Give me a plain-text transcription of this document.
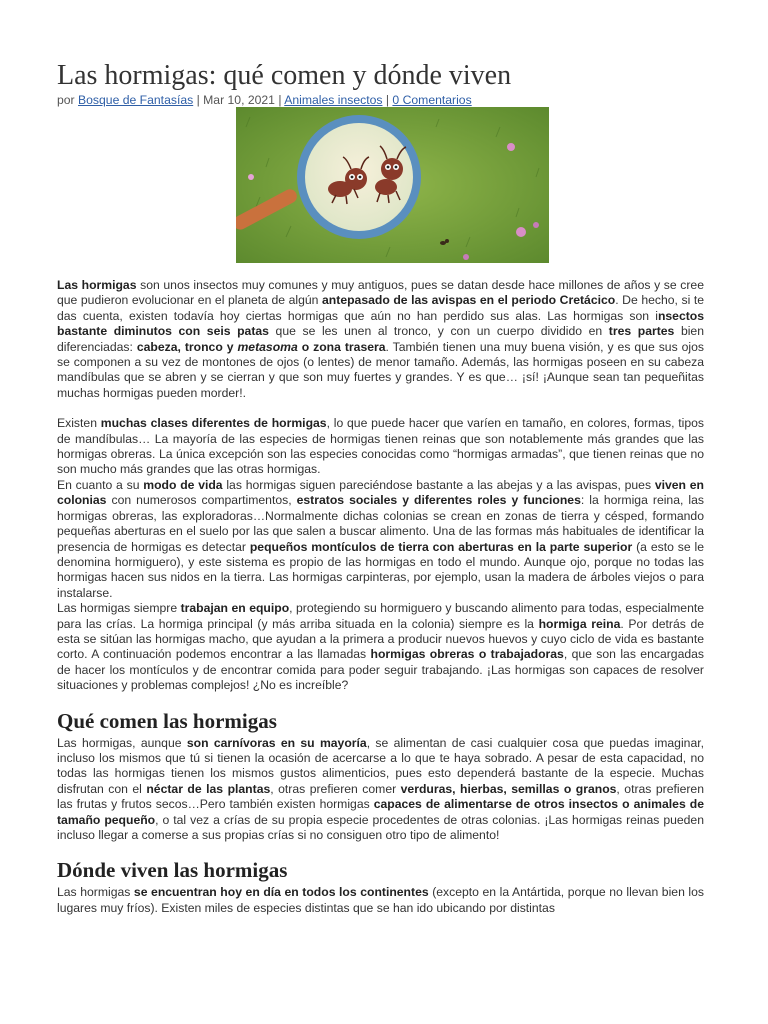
Las hormigas: qué comen y dónde viven
por Bosque de Fantasías | Mar 10, 2021 | Animales insectos | 0 Comentarios

Las hormigas son unos insectos muy comunes y muy antiguos, pues se datan desde hace millones de años y se cree que pudieron evolucionar en el planeta de algún antepasado de las avispas en el periodo Cretácico. De hecho, si te das cuenta, existen todavía hoy ciertas hormigas que aún no han perdido sus alas. Las hormigas son insectos bastante diminutos con seis patas que se les unen al tronco, y con un cuerpo dividido en tres partes bien diferenciadas: cabeza, tronco y metasoma o zona trasera. También tienen una muy buena visión, y es que sus ojos se componen a su vez de montones de ojos (o lentes) de menor tamaño. Además, las hormigas poseen en su cabeza mandíbulas que se abren y se cierran y que son muy fuertes y grandes. Y es que… ¡sí! ¡Aunque sean tan pequeñitas muchas hormigas pueden morder!.

Existen muchas clases diferentes de hormigas, lo que puede hacer que varíen en tamaño, en colores, formas, tipos de mandíbulas… La mayoría de las especies de hormigas tienen reinas que son notablemente más grandes que las hormigas obreras. La única excepción son las especies conocidas como “hormigas armadas”, que tienen reinas que no son mucho más grandes que las otras hormigas.

En cuanto a su modo de vida las hormigas siguen pareciéndose bastante a las abejas y a las avispas, pues viven en colonias con numerosos compartimentos, estratos sociales y diferentes roles y funciones: la hormiga reina, las hormigas obreras, las exploradoras…Normalmente dichas colonias se crean en zonas de tierra y césped, formando pequeñas aberturas en el suelo por las que salen a buscar alimento. Una de las formas más habituales de identificar la presencia de hormigas es detectar pequeños montículos de tierra con aberturas en la parte superior (a esto se le denomina hormiguero), y este sistema es propio de las hormigas en todo el mundo. Aunque ojo, porque no todas las hormigas hacen sus nidos en la tierra. Las hormigas carpinteras, por ejemplo, usan la madera de árboles viejos o para instalarse.

Las hormigas siempre trabajan en equipo, protegiendo su hormiguero y buscando alimento para todas, especialmente para las crías. La hormiga principal (y más arriba situada en la colonia) siempre es la hormiga reina. Por detrás de esta se sitúan las hormigas macho, que ayudan a la primera a producir nuevos huevos y cuyo ciclo de vida es bastante corto. A continuación podemos encontrar a las llamadas hormigas obreras o trabajadoras, que son las encargadas de hacer los montículos y de encontrar comida para poder seguir trabajando. ¡Las hormigas son capaces de resolver situaciones y problemas complejos! ¿No es increíble?

Qué comen las hormigas

Las hormigas, aunque son carnívoras en su mayoría, se alimentan de casi cualquier cosa que puedas imaginar, incluso los mismos que tú si tienen la ocasión de acercarse a lo que te haya sobrado. A pesar de esta capacidad, no todas las hormigas tienen los mismos gustos alimenticios, pues esto dependerá bastante de la especie. Muchas disfrutan con el néctar de las plantas, otras prefieren comer verduras, hierbas, semillas o granos, otras prefieren las frutas y frutos secos…Pero también existen hormigas capaces de alimentarse de otros insectos o animales de tamaño pequeño, o tal vez a crías de su propia especie procedentes de otras colonias. ¡Las hormigas reinas pueden incluso llegar a comerse a sus propias crías si no consiguen otro tipo de alimento!

Dónde viven las hormigas

Las hormigas se encuentran hoy en día en todos los continentes (excepto en la Antártida, porque no llevan bien los lugares muy fríos). Existen miles de especies distintas que se han ido ubicando por distintas
